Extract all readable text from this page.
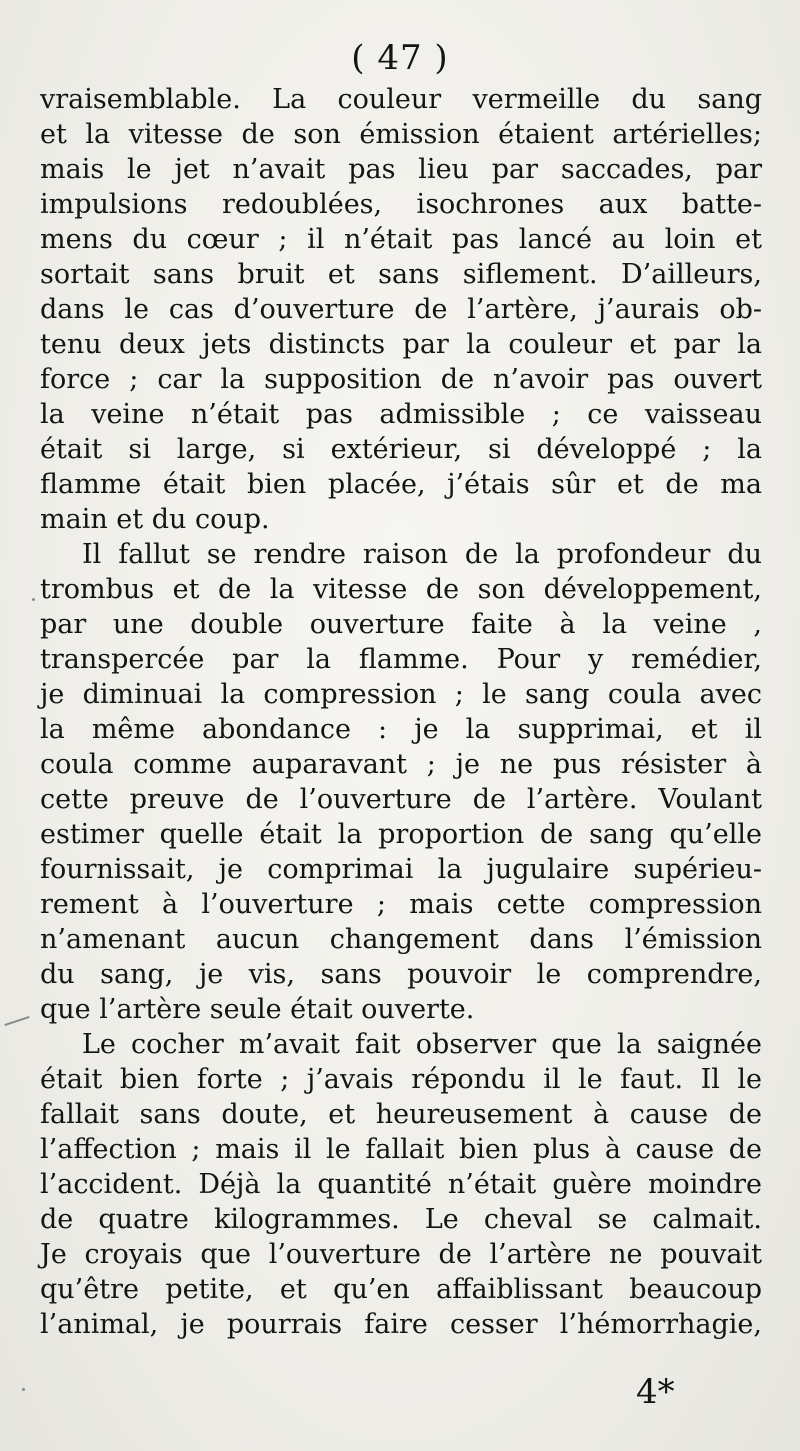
( 47 )
vraisemblable. La couleur vermeille du sang
et la vitesse de son émission étaient artérielles;
mais le jet n’avait pas lieu par saccades, par
impulsions redoublées, isochrones aux batte-
mens du cœur ; il n’était pas lancé au loin et
sortait sans bruit et sans siflement. D’ailleurs,
dans le cas d’ouverture de l’artère, j’aurais ob-
tenu deux jets distincts par la couleur et par la
force ; car la supposition de n’avoir pas ouvert
la veine n’était pas admissible ; ce vaisseau
était si large, si extérieur, si développé ; la
flamme était bien placée, j’étais sûr et de ma
main et du coup.
Il fallut se rendre raison de la profondeur du
trombus et de la vitesse de son développement,
par une double ouverture faite à la veine ,
transpercée par la flamme. Pour y remédier,
je diminuai la compression ; le sang coula avec
la même abondance : je la supprimai, et il
coula comme auparavant ; je ne pus résister à
cette preuve de l’ouverture de l’artère. Voulant
estimer quelle était la proportion de sang qu’elle
fournissait, je comprimai la jugulaire supérieu-
rement à l’ouverture ; mais cette compression
n’amenant aucun changement dans l’émission
du sang, je vis, sans pouvoir le comprendre,
que l’artère seule était ouverte.
Le cocher m’avait fait observer que la saignée
était bien forte ; j’avais répondu il le faut. Il le
fallait sans doute, et heureusement à cause de
l’affection ; mais il le fallait bien plus à cause de
l’accident. Déjà la quantité n’était guère moindre
de quatre kilogrammes. Le cheval se calmait.
Je croyais que l’ouverture de l’artère ne pouvait
qu’être petite, et qu’en affaiblissant beaucoup
l’animal, je pourrais faire cesser l’hémorrhagie,
4*
